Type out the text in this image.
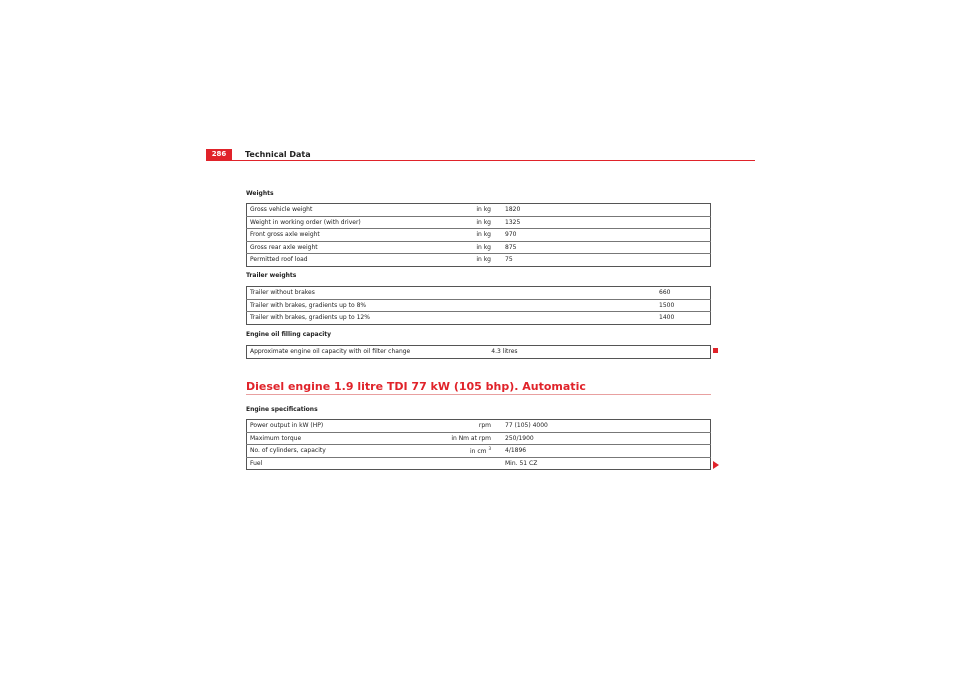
286	Technical Data
Weights
Gross vehicle weight	in kg	1820
Weight in working order (with driver)	in kg	1325
Front gross axle weight	in kg	970
Gross rear axle weight	in kg	875
Permitted roof load	in kg	75
Trailer weights
Trailer without brakes	660
Trailer with brakes, gradients up to 8%	1500
Trailer with brakes, gradients up to 12%	1400
Engine oil filling capacity
Approximate engine oil capacity with oil filter change	4.3 litres
Diesel engine 1.9 litre TDI 77 kW (105 bhp). Automatic
Engine specifications
Power output in kW (HP)	rpm	77 (105) 4000
Maximum torque	in Nm at rpm	250/1900
No. of cylinders, capacity	in cm $^3$	4/1896
Fuel		Min. 51 CZ
